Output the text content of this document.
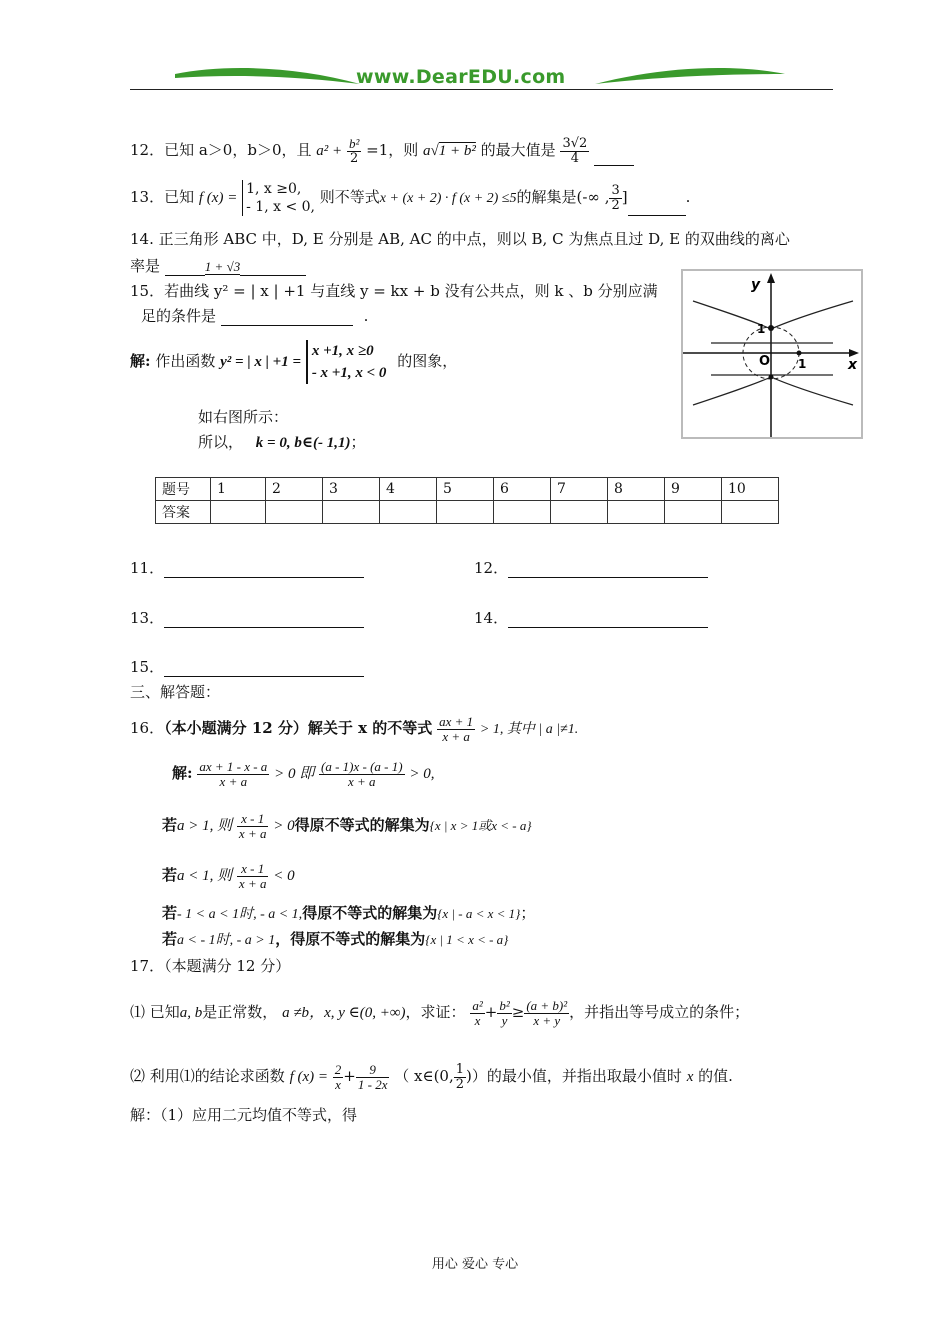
www.DearEDU.com
12．已知 a＞0，b＞0，且 $a^2 + \frac{\text{b²}}{2} =1$，则 a√1 + b² 的最大值是 $\frac{3√2}{4}$

13．已知 f (x) =
1, x ≥0,
- 1, x < 0,
则不等式x + (x + 2) · f (x + 2) ≤5的解集是(-∞ , $\frac{3}{2}$ ]	.
14. 正三角形 ABC 中，D, E 分别是 AB, AC 的中点，则以 B, C 为焦点且过 D, E 的双曲线的离心
率是	1 + √3
15．若曲线 y² = | x | +1 与直线 y = kx + b 没有公共点，则 k 、b 分别应满
足的条件是	.
解: 作出函数 y² = | x | +1 =
x +1, x ≥0
- x +1, x < 0
的图象，
如右图所示：
所以， k = 0, b∈(- 1,1)；
y
x
O
1
1
题号	1	2	3	4	5	6	7	8	9	10
答案										
11．	12．
13．	14．
15．
三、解答题：
16．（本小题满分 12 分）解关于 x 的不等式 $\frac{ax + 1}{x + a} > 1$, 其中 | a |≠1.
解: $\frac{ax + 1 - x - a}{x + a} > 0$ 即 $\frac{(a - 1)x - (a - 1)}{x + a} > 0$,
若a > 1, 则 $\frac{x - 1}{x + a} > 0$得原不等式的解集为{x | x > 1或x < - a}
若a < 1, 则 $\frac{x - 1}{x + a} < 0$
若- 1 < a < 1时, - a < 1,得原不等式的解集为{x | - a < x < 1}；
若a < - 1时, - a > 1，得原不等式的解集为{x | 1 < x < - a}
17．（本题满分 12 分）
⑴ 已知a, b是正常数， a ≠b，x, y ∈(0, +∞)，求证： $\frac{\text{a²}}{x} + \frac{\text{b²}}{y} \ge \frac{\text{(a + b)²}}{x + y}$ ，并指出等号成立的条件；
⑵ 利用⑴的结论求函数 f $(x) = \frac{2}{x} + \frac{9}{1 - 2x}$ （ x∈(0, $\frac{1}{2}$ )）的最小值，并指出取最小值时 x 的值.
解：（1）应用二元均值不等式，得
用心 爱心 专心
